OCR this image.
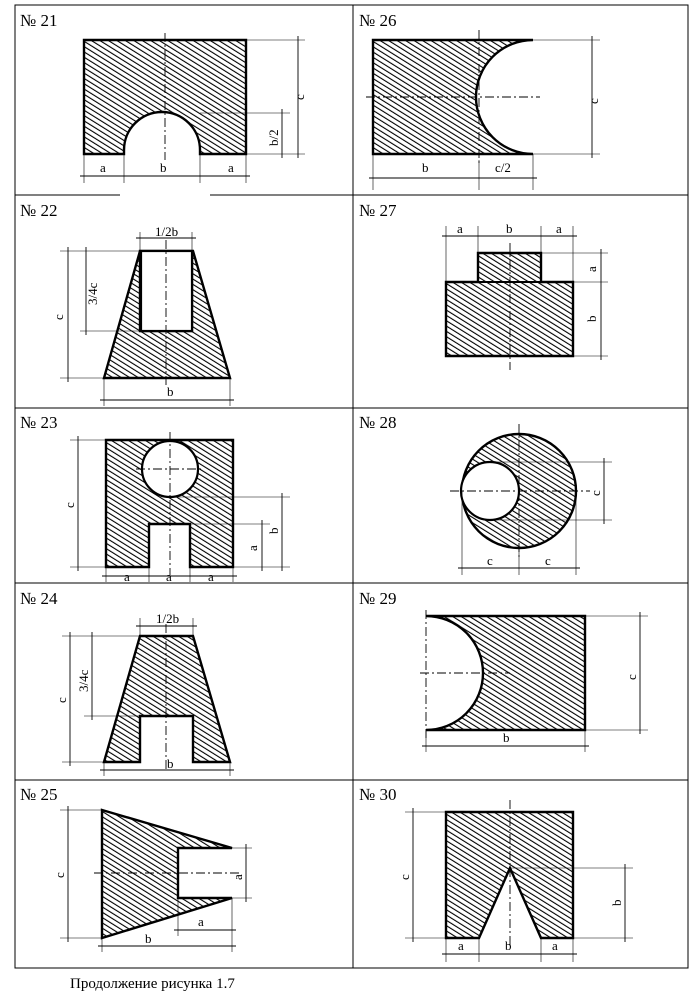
№ 21	№ 26
№ 22	№ 27
№ 23	№ 28
№ 24	№ 29
№ 25	№ 30
a	b	a
c
b/2
b	c/2
c
1/2b
c
3/4c
b
a	b	a
a
b
c
b
a
a	a	a
c
c	c
1/2b
c
3/4c
b
c
b
c	a
a
b
c
b
a	b	a
Продолжение рисунка 1.7
